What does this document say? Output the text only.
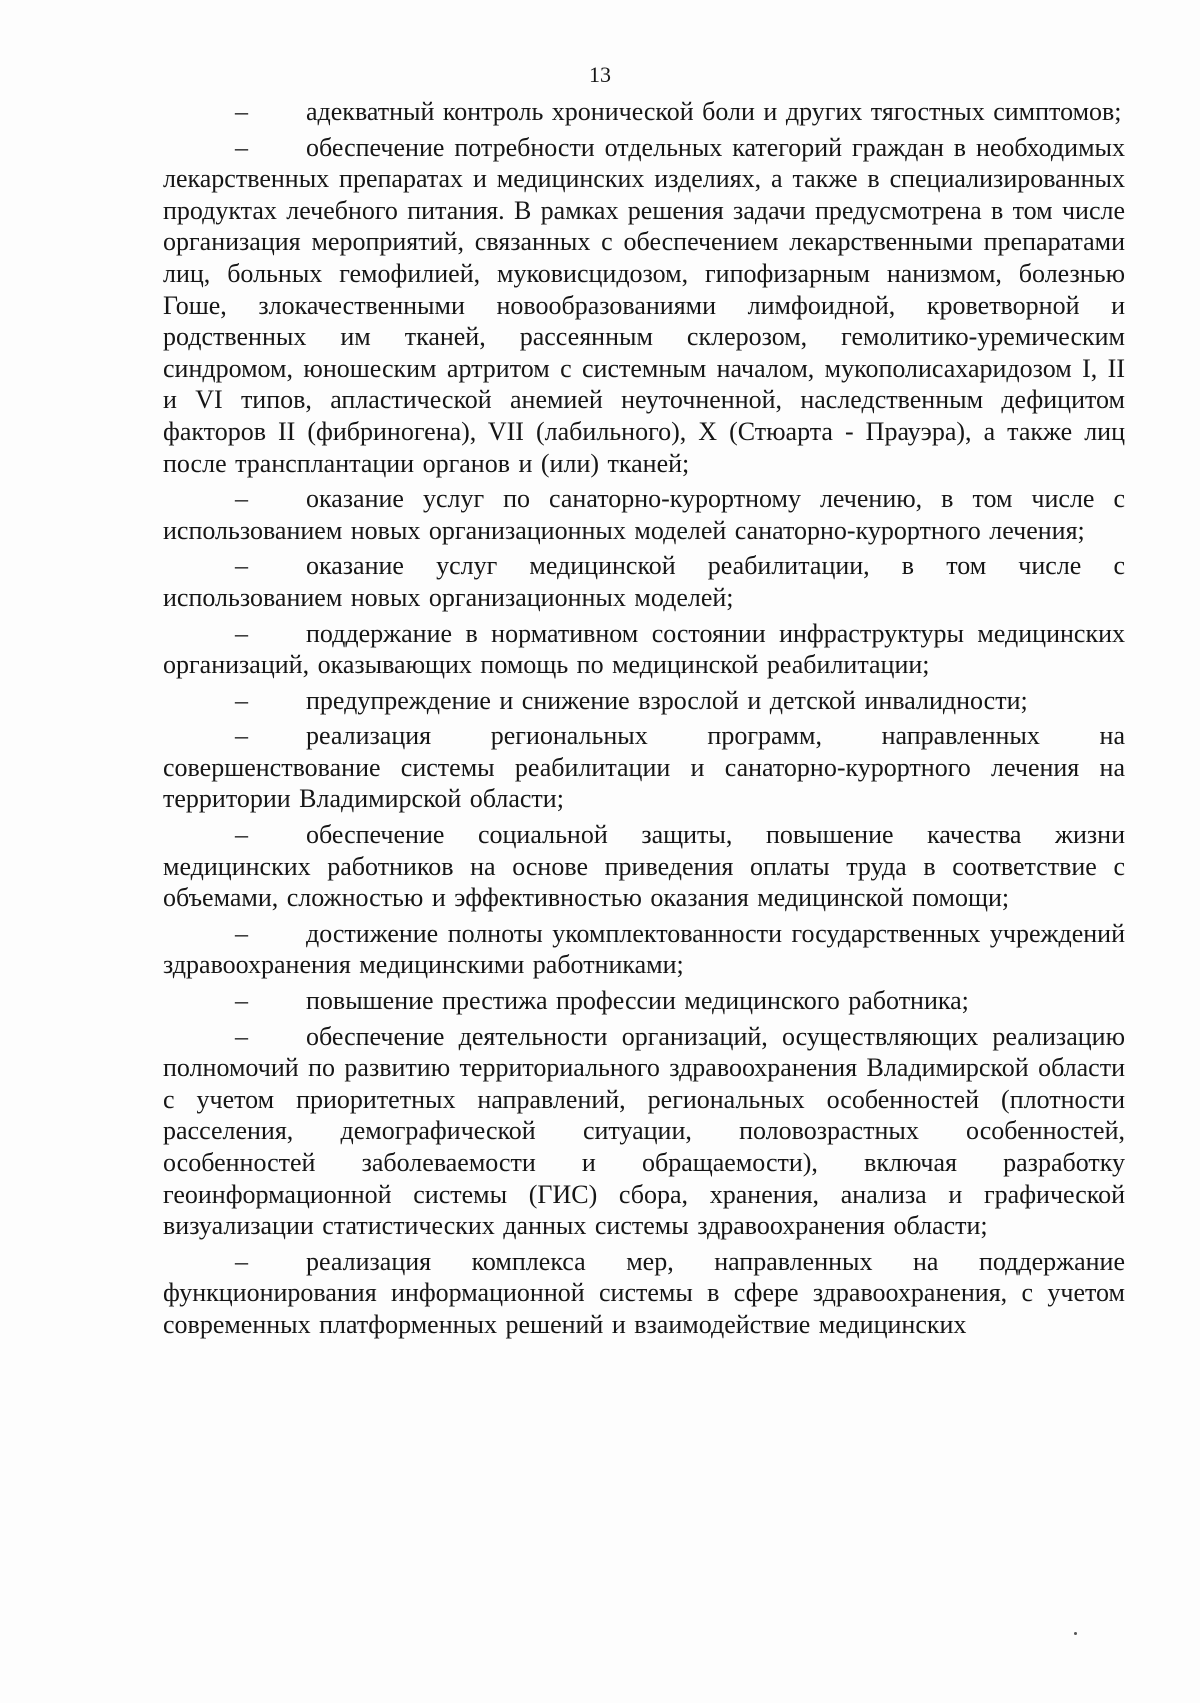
13

– адекватный контроль хронической боли и других тягостных симптомов;

– обеспечение потребности отдельных категорий граждан в необходимых лекарственных препаратах и медицинских изделиях, а также в специализированных продуктах лечебного питания. В рамках решения задачи предусмотрена в том числе организация мероприятий, связанных с обеспечением лекарственными препаратами лиц, больных гемофилией, муковисцидозом, гипофизарным нанизмом, болезнью Гоше, злокачественными новообразованиями лимфоидной, кроветворной и родственных им тканей, рассеянным склерозом, гемолитико-уремическим синдромом, юношеским артритом с системным началом, мукополисахаридозом I, II и VI типов, апластической анемией неуточненной, наследственным дефицитом факторов II (фибриногена), VII (лабильного), X (Стюарта - Прауэра), а также лиц после трансплантации органов и (или) тканей;

– оказание услуг по санаторно-курортному лечению, в том числе с использованием новых организационных моделей санаторно-курортного лечения;

– оказание услуг медицинской реабилитации, в том числе с использованием новых организационных моделей;

– поддержание в нормативном состоянии инфраструктуры медицинских организаций, оказывающих помощь по медицинской реабилитации;

– предупреждение и снижение взрослой и детской инвалидности;

– реализация региональных программ, направленных на совершенствование системы реабилитации и санаторно-курортного лечения на территории Владимирской области;

– обеспечение социальной защиты, повышение качества жизни медицинских работников на основе приведения оплаты труда в соответствие с объемами, сложностью и эффективностью оказания медицинской помощи;

– достижение полноты укомплектованности государственных учреждений здравоохранения медицинскими работниками;

– повышение престижа профессии медицинского работника;

– обеспечение деятельности организаций, осуществляющих реализацию полномочий по развитию территориального здравоохранения Владимирской области с учетом приоритетных направлений, региональных особенностей (плотности расселения, демографической ситуации, половозрастных особенностей, особенностей заболеваемости и обращаемости), включая разработку геоинформационной системы (ГИС) сбора, хранения, анализа и графической визуализации статистических данных системы здравоохранения области;

– реализация комплекса мер, направленных на поддержание функционирования информационной системы в сфере здравоохранения, с учетом современных платформенных решений и взаимодействие медицинских
